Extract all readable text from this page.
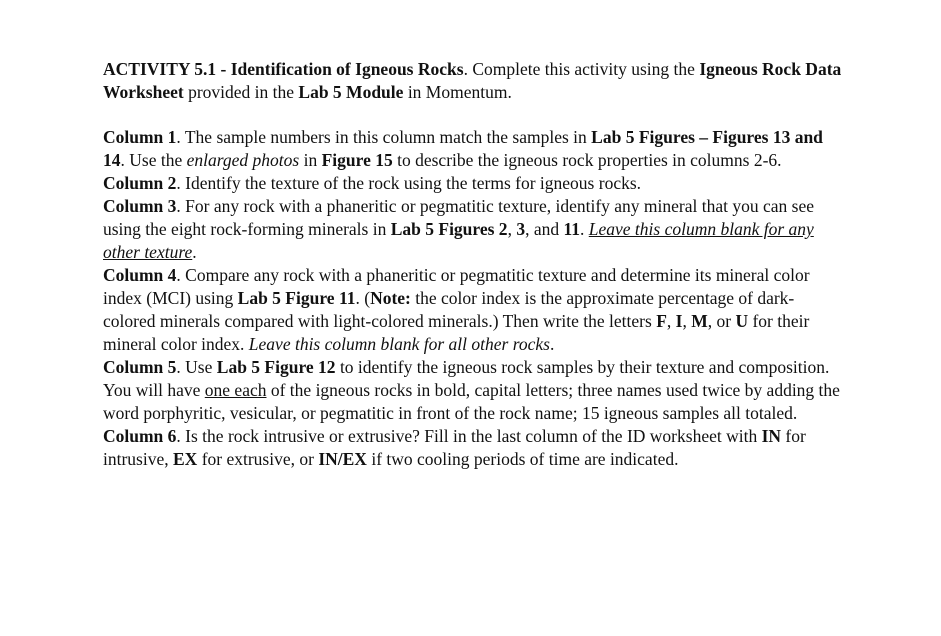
ACTIVITY 5.1 - Identification of Igneous Rocks. Complete this activity using the Igneous Rock Data Worksheet provided in the Lab 5 Module in Momentum.

Column 1. The sample numbers in this column match the samples in Lab 5 Figures – Figures 13 and 14. Use the enlarged photos in Figure 15 to describe the igneous rock properties in columns 2-6.

Column 2. Identify the texture of the rock using the terms for igneous rocks.

Column 3. For any rock with a phaneritic or pegmatitic texture, identify any mineral that you can see using the eight rock-forming minerals in Lab 5 Figures 2, 3, and 11. Leave this column blank for any other texture.

Column 4. Compare any rock with a phaneritic or pegmatitic texture and determine its mineral color index (MCI) using Lab 5 Figure 11. (Note: the color index is the approximate percentage of dark-colored minerals compared with light-colored minerals.) Then write the letters F, I, M, or U for their mineral color index. Leave this column blank for all other rocks.

Column 5. Use Lab 5 Figure 12 to identify the igneous rock samples by their texture and composition. You will have one each of the igneous rocks in bold, capital letters; three names used twice by adding the word porphyritic, vesicular, or pegmatitic in front of the rock name; 15 igneous samples all totaled.

Column 6. Is the rock intrusive or extrusive? Fill in the last column of the ID worksheet with IN for intrusive, EX for extrusive, or IN/EX if two cooling periods of time are indicated.
